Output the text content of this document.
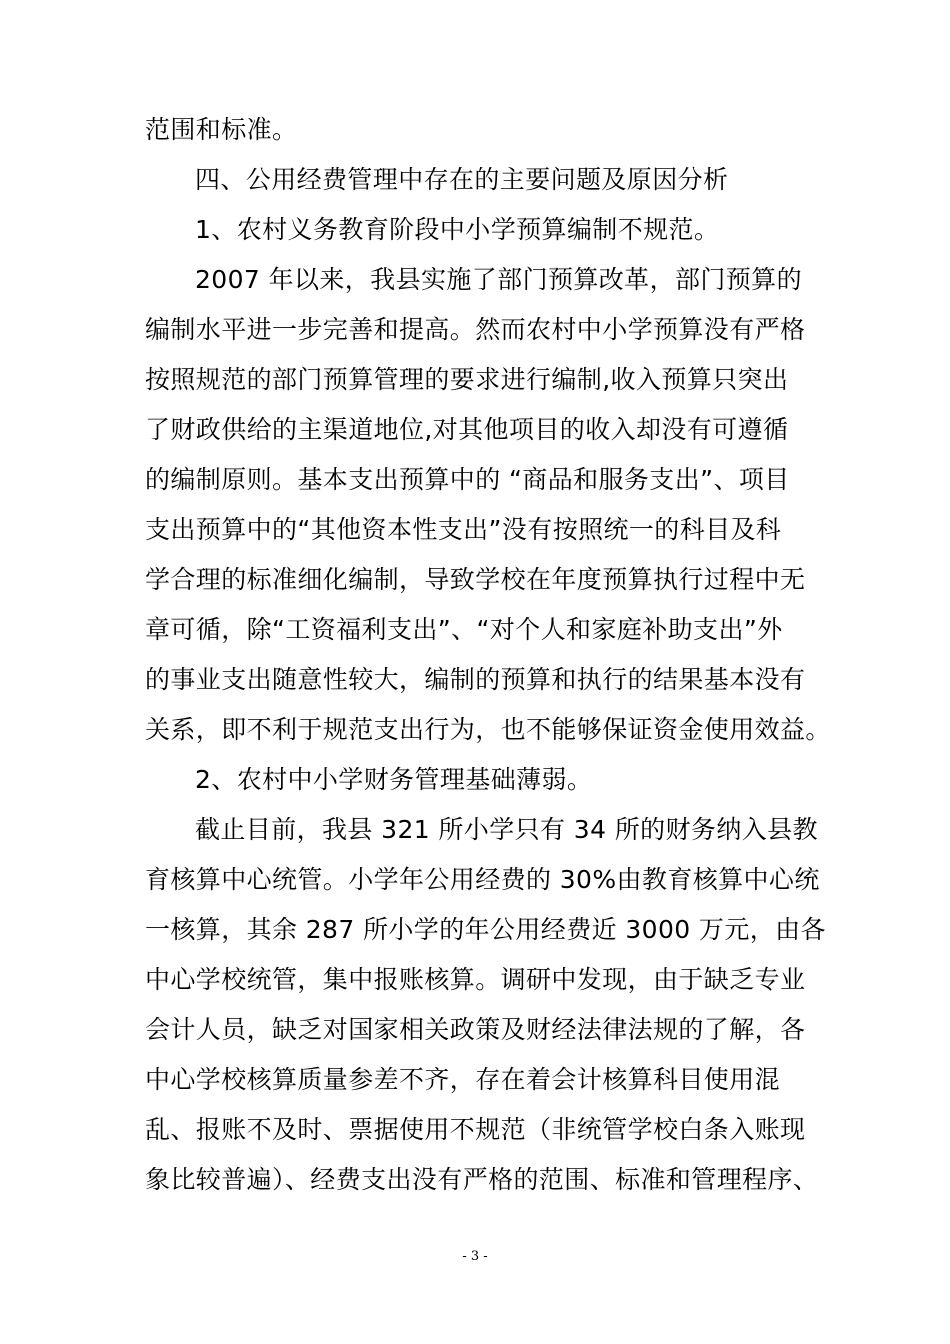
范围和标准。
四、公用经费管理中存在的主要问题及原因分析
1、农村义务教育阶段中小学预算编制不规范。
2007 年以来，我县实施了部门预算改革，部门预算的
编制水平进一步完善和提高。然而农村中小学预算没有严格
按照规范的部门预算管理的要求进行编制,收入预算只突出
了财政供给的主渠道地位,对其他项目的收入却没有可遵循
的编制原则。基本支出预算中的 “商品和服务支出”、项目
支出预算中的“其他资本性支出”没有按照统一的科目及科
学合理的标准细化编制，导致学校在年度预算执行过程中无
章可循，除“工资福利支出”、“对个人和家庭补助支出”外
的事业支出随意性较大，编制的预算和执行的结果基本没有
关系，即不利于规范支出行为，也不能够保证资金使用效益。
2、农村中小学财务管理基础薄弱。
截止目前，我县 321 所小学只有 34 所的财务纳入县教
育核算中心统管。小学年公用经费的 30%由教育核算中心统
一核算，其余 287 所小学的年公用经费近 3000 万元，由各
中心学校统管，集中报账核算。调研中发现，由于缺乏专业
会计人员，缺乏对国家相关政策及财经法律法规的了解，各
中心学校核算质量参差不齐，存在着会计核算科目使用混
乱、报账不及时、票据使用不规范（非统管学校白条入账现
象比较普遍）、经费支出没有严格的范围、标准和管理程序、
- 3 -
